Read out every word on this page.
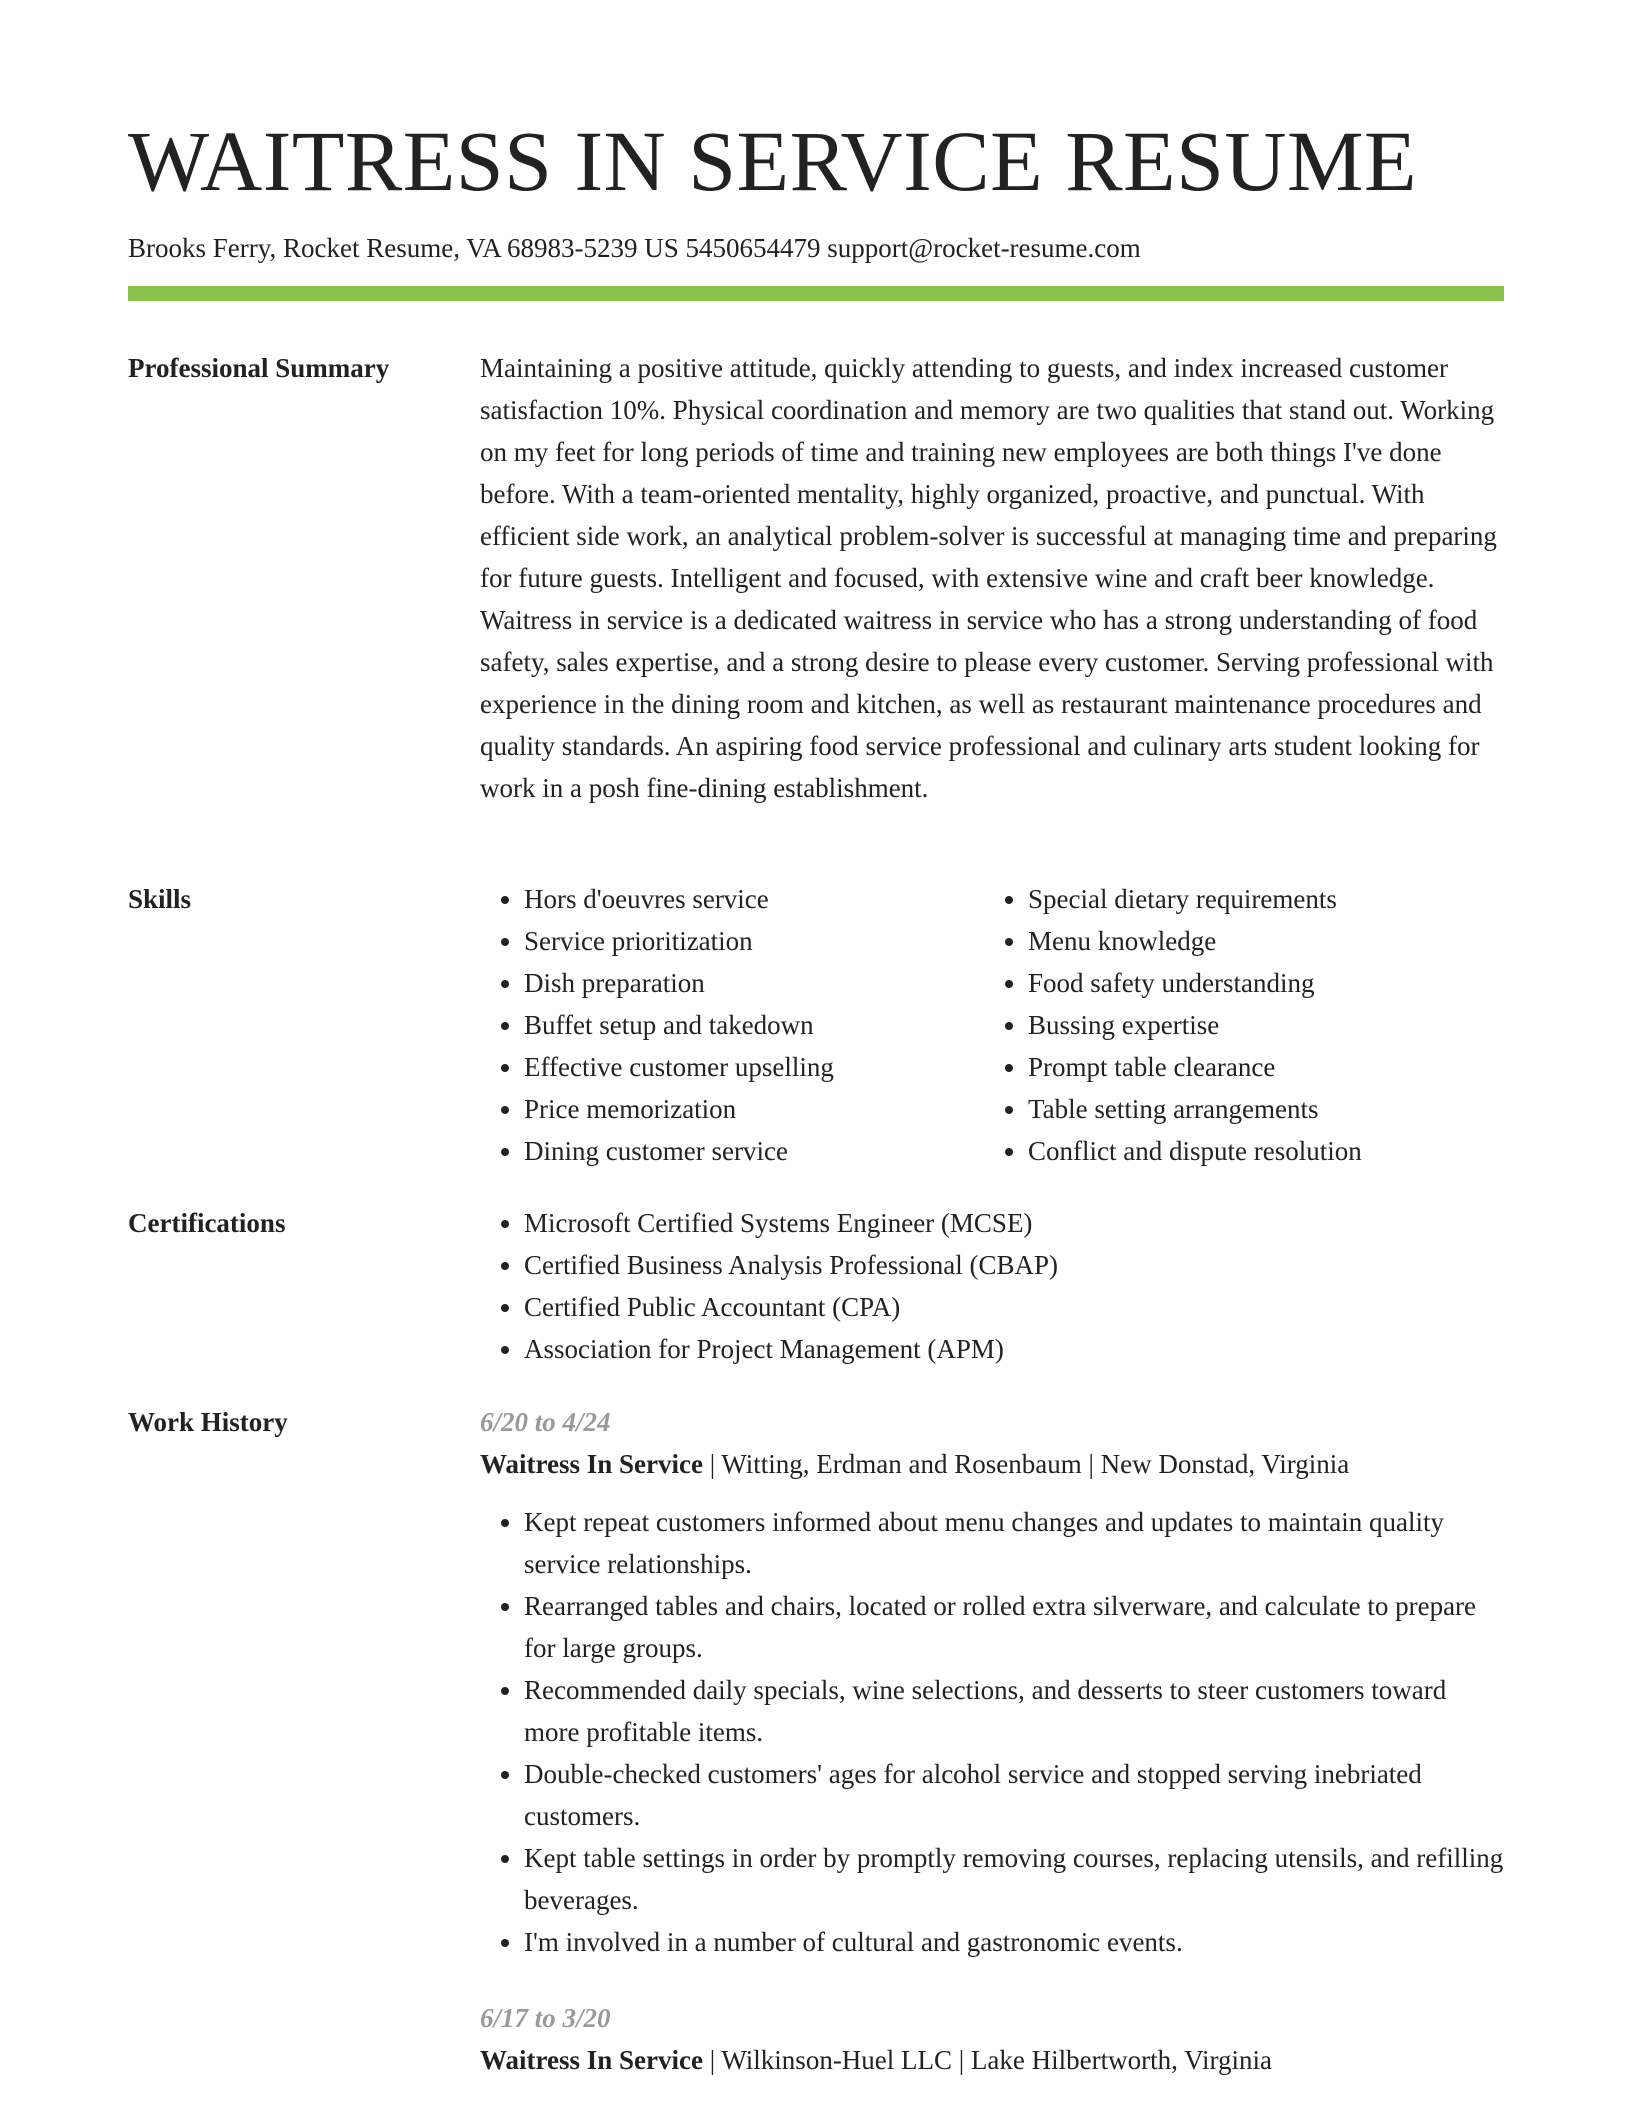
WAITRESS IN SERVICE RESUME
Brooks Ferry, Rocket Resume, VA 68983-5239 US 5450654479 support@rocket-resume.com
Professional Summary	Maintaining a positive attitude, quickly attending to guests, and index increased customer satisfaction 10%. Physical coordination and memory are two qualities that stand out. Working on my feet for long periods of time and training new employees are both things I've done before. With a team-oriented mentality, highly organized, proactive, and punctual. With efficient side work, an analytical problem-solver is successful at managing time and preparing for future guests. Intelligent and focused, with extensive wine and craft beer knowledge. Waitress in service is a dedicated waitress in service who has a strong understanding of food safety, sales expertise, and a strong desire to please every customer. Serving professional with experience in the dining room and kitchen, as well as restaurant maintenance procedures and quality standards. An aspiring food service professional and culinary arts student looking for work in a posh fine-dining establishment.

Skills	• Hors d'oeuvres service
• Service prioritization
• Dish preparation
• Buffet setup and takedown
• Effective customer upselling
• Price memorization
• Dining customer service
• Special dietary requirements
• Menu knowledge
• Food safety understanding
• Bussing expertise
• Prompt table clearance
• Table setting arrangements
• Conflict and dispute resolution
Certifications	• Microsoft Certified Systems Engineer (MCSE)
• Certified Business Analysis Professional (CBAP)
• Certified Public Accountant (CPA)
• Association for Project Management (APM)
Work History	6/20 to 4/24
Waitress In Service | Witting, Erdman and Rosenbaum | New Donstad, Virginia
• Kept repeat customers informed about menu changes and updates to maintain quality service relationships.
• Rearranged tables and chairs, located or rolled extra silverware, and calculate to prepare for large groups.
• Recommended daily specials, wine selections, and desserts to steer customers toward more profitable items.
• Double-checked customers' ages for alcohol service and stopped serving inebriated customers.
• Kept table settings in order by promptly removing courses, replacing utensils, and refilling beverages.
• I'm involved in a number of cultural and gastronomic events.
6/17 to 3/20
Waitress In Service | Wilkinson-Huel LLC | Lake Hilbertworth, Virginia
